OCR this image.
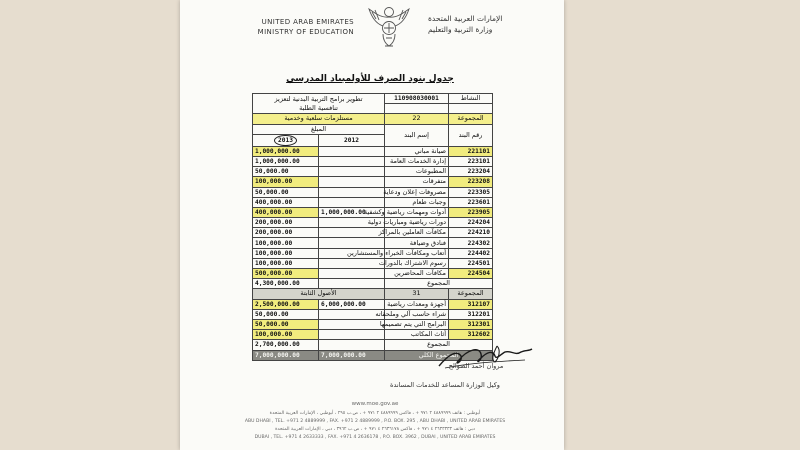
UNITED ARAB EMIRATES
MINISTRY OF EDUCATION
الإمارات العربية المتحدة
وزارة التربية والتعليم
جدول بنود الصرف للأولمبياد المدرسي
تطوير برامج التربية البدنية لتعزيز
تنافسية الطلبة		110908030001	النشاط

مستلزمات سلعية وخدمية		22	المجموعة
المبلغ		إسم البند	رقم البند
2013	2012		
1,000,000.00		صيانة مباني	221101
1,000,000.00		إدارة الخدمات العامة	223101
50,000.00		المطبوعات	223204
100,000.00		متفرقات	223208
50,000.00		مصروفات إعلان ودعاية	223305
400,000.00		وجبات طعام	223601
400,000.00	1,000,000.00	أدوات ومهمات رياضية وكشفية	223905
200,000.00		دورات رياضية ومباريات دولية	224204
200,000.00		مكافآت العاملين بالمراكز	224210
100,000.00		فنادق وضيافة	224302
100,000.00		أتعاب ومكافآت الخبراء والمستشارين	224402
100,000.00		رسوم الاشتراك بالدورات	224501
500,000.00		مكافآت المحاضرين	224504
4,300,000.00		المجموع	
الأصول الثابتة		31	المجموعة
2,500,000.00	6,000,000.00	أجهزة ومعدات رياضية	312107
50,000.00		شراء حاسب آلي وملحقاته	312201
50,000.00		البرامج التي يتم تصميمها	312301
100,000.00		أثاث المكاتب	312602
2,700,000.00		المجموع	
7,000,000.00	7,000,000.00	المجموع الكلي	
مروان أحمد الصوالح
وكيل الوزارة المساعد للخدمات المساندة
www.moe.gov.ae
أبوظبي : هاتف ٤٨٨٩٩٩٩ ٢ ٩٧١ + ، فاكس ٤٨٨٩٩٩٩ ٢ ٩٧١ + ، ص.ب ٢٩٥ ، أبوظبي ، الإمارات العربية المتحدة
ABU DHABI , TEL. +971 2 4889999 , FAX. +971 2 4889999 , P.O. BOX. 295 , ABU DHABI , UNITED ARAB EMIRATES
دبي : هاتف ٢٦٣٣٣٣٣ ٤ ٩٧١ + ، فاكس ٢٦٣٦١٧٨ ٤ ٩٧١ + ، ص.ب ٣٩٦٢ ، دبي ، الإمارات العربية المتحدة
DUBAI , TEL. +971 4 2633333 , FAX. +971 4 2636178 , P.O. BOX. 3962 , DUBAI , UNITED ARAB EMIRATES
